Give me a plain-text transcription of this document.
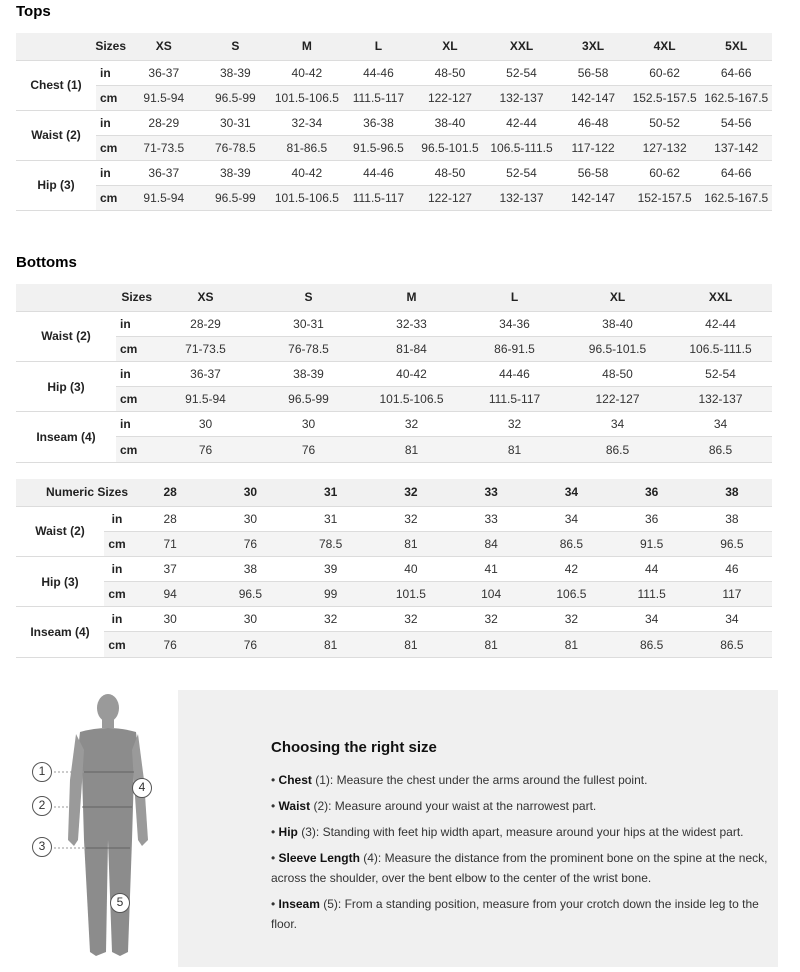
Tops
Sizes		XS	S	M	L	XL	XXL	3XL	4XL	5XL
Chest (1)	in	36-37	38-39	40-42	44-46	48-50	52-54	56-58	60-62	64-66
	cm	91.5-94	96.5-99	101.5-106.5	111.5-117	122-127	132-137	142-147	152.5-157.5	162.5-167.5
Waist (2)	in	28-29	30-31	32-34	36-38	38-40	42-44	46-48	50-52	54-56
	cm	71-73.5	76-78.5	81-86.5	91.5-96.5	96.5-101.5	106.5-111.5	117-122	127-132	137-142
Hip (3)	in	36-37	38-39	40-42	44-46	48-50	52-54	56-58	60-62	64-66
	cm	91.5-94	96.5-99	101.5-106.5	111.5-117	122-127	132-137	142-147	152-157.5	162.5-167.5
Bottoms
Sizes		XS	S	M	L	XL	XXL
Waist (2)	in	28-29	30-31	32-33	34-36	38-40	42-44
	cm	71-73.5	76-78.5	81-84	86-91.5	96.5-101.5	106.5-111.5
Hip (3)	in	36-37	38-39	40-42	44-46	48-50	52-54
	cm	91.5-94	96.5-99	101.5-106.5	111.5-117	122-127	132-137
Inseam (4)	in	30	30	32	32	34	34
	cm	76	76	81	81	86.5	86.5
Numeric Sizes		28	30	31	32	33	34	36	38
Waist (2)	in	28	30	31	32	33	34	36	38
	cm	71	76	78.5	81	84	86.5	91.5	96.5
Hip (3)	in	37	38	39	40	41	42	44	46
	cm	94	96.5	99	101.5	104	106.5	111.5	117
Inseam (4)	in	30	30	32	32	32	32	34	34
	cm	76	76	81	81	81	81	86.5	86.5
1
2
3
4
5
Choosing the right size
• Chest (1): Measure the chest under the arms around the fullest point.
• Waist (2): Measure around your waist at the narrowest part.
• Hip (3): Standing with feet hip width apart, measure around your hips at the widest part.
• Sleeve Length (4): Measure the distance from the prominent bone on the spine at the neck, across the shoulder, over the bent elbow to the center of the wrist bone.
• Inseam (5): From a standing position, measure from your crotch down the inside leg to the floor.
